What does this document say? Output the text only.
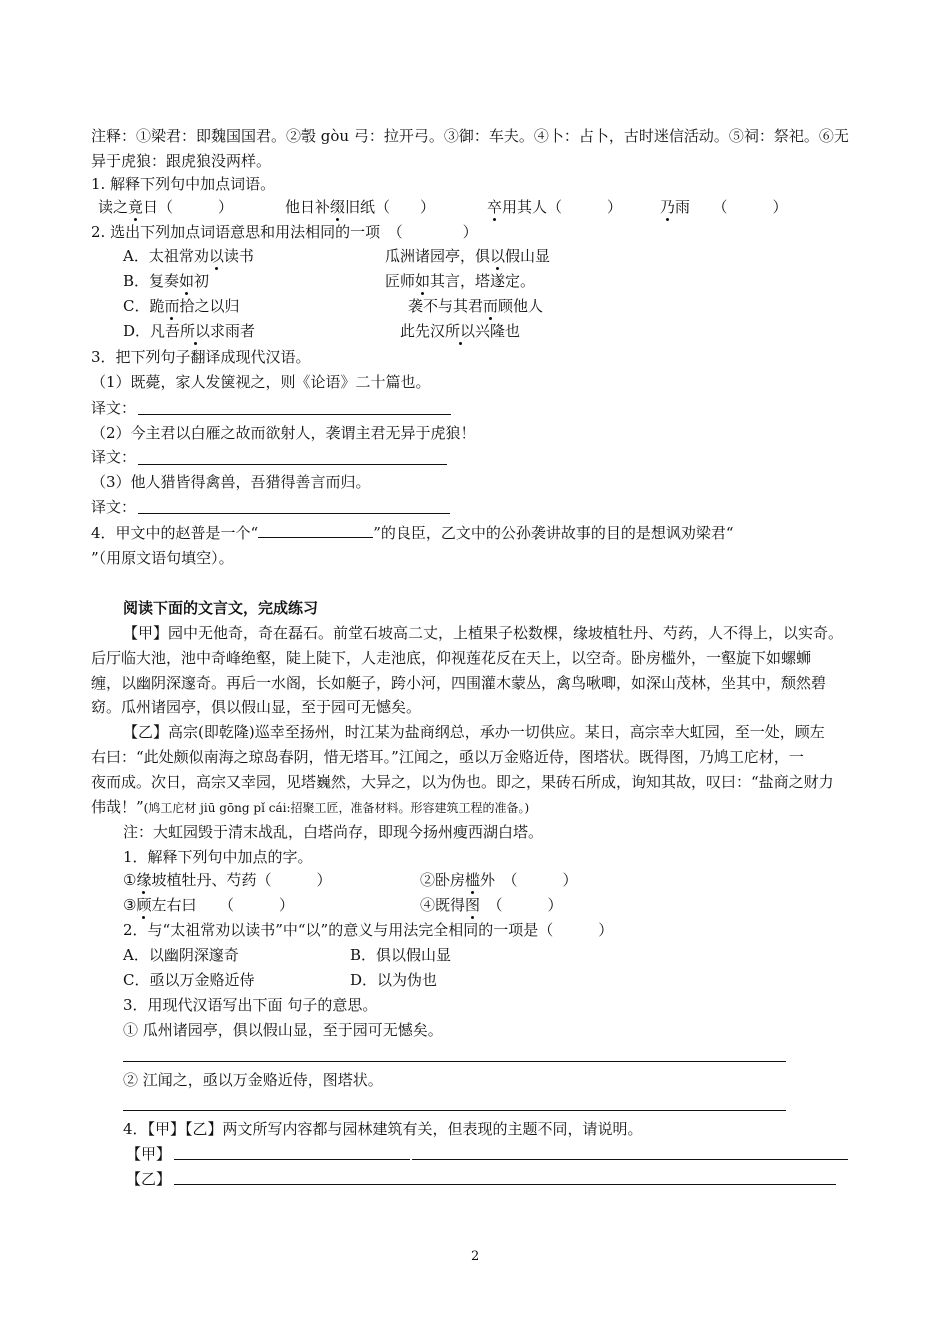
注释：①梁君：即魏国国君。②彀 gòu 弓：拉开弓。③御：车夫。④卜：占卜，古时迷信活动。⑤祠：祭祀。⑥无
异于虎狼：跟虎狼没两样。
1. 解释下列句中加点词语。
读之竟日（　　　）	他日补缀旧纸（　　）	卒用其人（　　　）	乃雨　　（　　　）
2. 选出下列加点词语意思和用法相同的一项　（　　　　）
A．太祖常劝以读书	瓜洲诸园亭，俱以假山显
B．复奏如初	匠师如其言，塔遂定。
C．跪而拾之以归	袭不与其君而顾他人
D．凡吾所以求雨者	此先汉所以兴隆也
3．把下列句子翻译成现代汉语。
（1）既薨，家人发箧视之，则《论语》二十篇也。
译文：
（2）今主君以白雁之故而欲射人，袭谓主君无异于虎狼！
译文：
（3）他人猎皆得禽兽，吾猎得善言而归。
译文：
4．甲文中的赵普是一个“	”的良臣，乙文中的公孙袭讲故事的目的是想讽劝梁君“
”（用原文语句填空）。
阅读下面的文言文，完成练习
【甲】园中无他奇，奇在磊石。前堂石坡高二丈，上植果子松数棵，缘坡植牡丹、芍药，人不得上，以实奇。
后厅临大池，池中奇峰绝壑，陡上陡下，人走池底，仰视莲花反在天上，以空奇。卧房槛外，一壑旋下如螺蛳
缠，以幽阴深邃奇。再后一水阁，长如艇子，跨小河，四围灌木蒙丛，禽鸟啾唧，如深山茂林，坐其中，颓然碧
窈。瓜州诸园亭，俱以假山显，至于园可无憾矣。
【乙】高宗(即乾隆)巡幸至扬州，时江某为盐商纲总，承办一切供应。某日，高宗幸大虹园，至一处，顾左
右曰：“此处颇似南海之琼岛春阴，惜无塔耳。”江闻之，亟以万金赂近侍，图塔状。既得图，乃鸠工庀材，一
夜而成。次日，高宗又幸园，见塔巍然，大异之，以为伪也。即之，果砖石所成，询知其故，叹曰：“盐商之财力
伟哉！”(鸠工庀材 jiū gōng pǐ cái:招聚工匠，准备材料。形容建筑工程的准备。)
注：大虹园毁于清末战乱，白塔尚存，即现今扬州瘦西湖白塔。
1．解释下列句中加点的字。
①缘坡植牡丹、芍药（　　　）	②卧房槛外　（　　　）
③顾左右曰　　（　　　）	④既得图　（　　　）
2．与“太祖常劝以读书”中“以”的意义与用法完全相同的一项是（　　　）
A．以幽阴深邃奇	B．俱以假山显
C．亟以万金赂近侍	D．以为伪也
3．用现代汉语写出下面 句子的意思。
① 瓜州诸园亭，俱以假山显，至于园可无憾矣。
② 江闻之，亟以万金赂近侍，图塔状。
4．【甲】【乙】两文所写内容都与园林建筑有关，但表现的主题不同，请说明。
【甲】
【乙】
2
